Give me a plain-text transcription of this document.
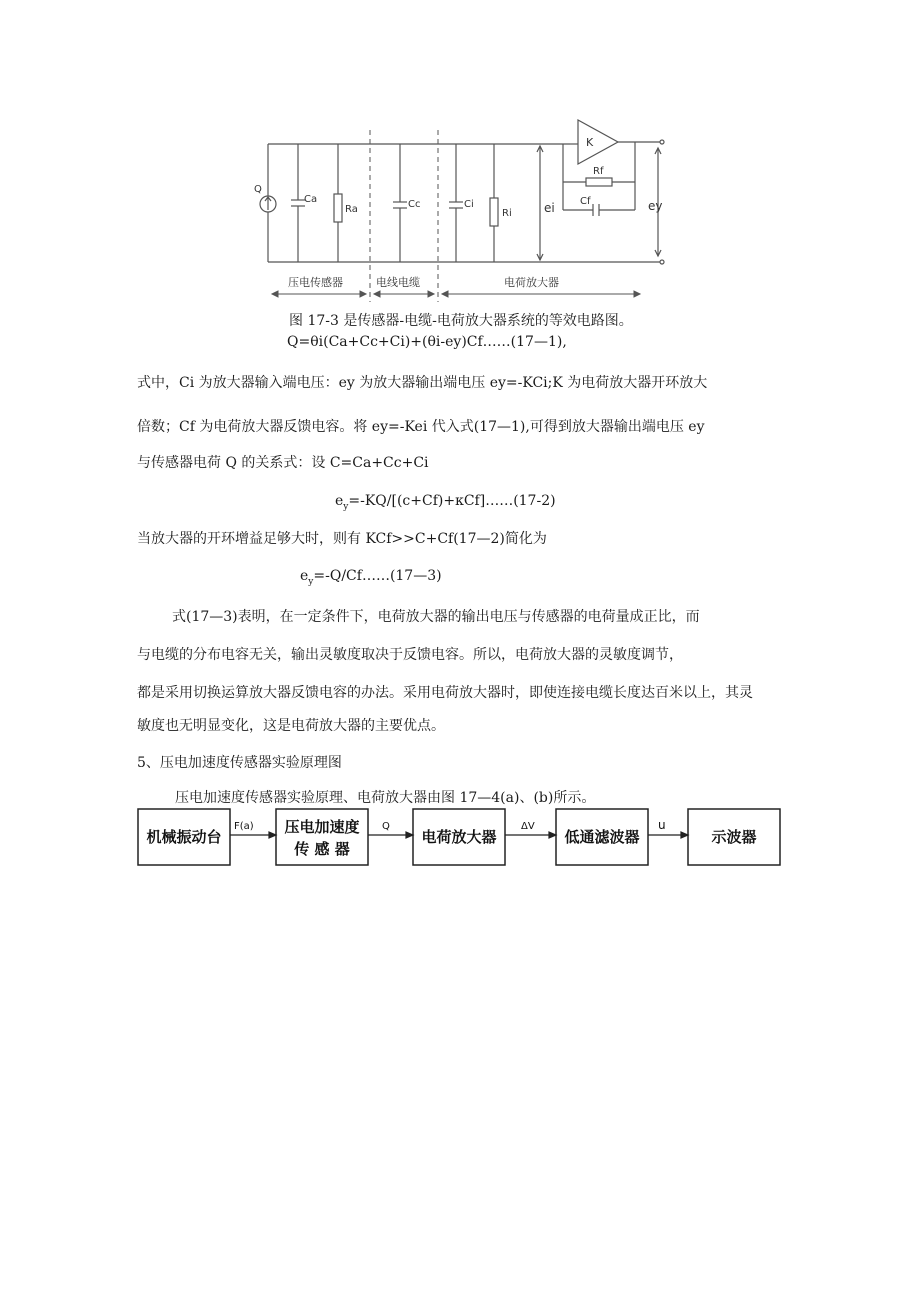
Q
Ca
Ra	Cc	Ci
Ri	ei
K
Rf
Cf	ey
压电传感器	电线电缆	电荷放大器

图 17-3 是传感器-电缆-电荷放大器系统的等效电路图。

Q=θi(Ca+Cc+Ci)+(θi-ey)Cf……(17—1),

式中，Ci 为放大器输入端电压：ey 为放大器输出端电压 ey=-KCi;K 为电荷放大器开环放大

倍数；Cf 为电荷放大器反馈电容。将 ey=-Kei 代入式(17—1),可得到放大器输出端电压 ey

与传感器电荷 Q 的关系式：设 C=Ca+Cc+Ci

$e_y=-KQ/[(c+Cf)+\kappa Cf]\dots\dots(17-2)$

当放大器的开环增益足够大时，则有 KCf>>C+Cf(17—2)简化为

$e_y=-Q/Cf\dots\dots(17—3)$

式(17—3)表明，在一定条件下，电荷放大器的输出电压与传感器的电荷量成正比，而

与电缆的分布电容无关，输出灵敏度取决于反馈电容。所以，电荷放大器的灵敏度调节，

都是采用切换运算放大器反馈电容的办法。采用电荷放大器时，即使连接电缆长度达百米以上，其灵

敏度也无明显变化，这是电荷放大器的主要优点。

5、压电加速度传感器实验原理图

压电加速度传感器实验原理、电荷放大器由图 17—4(a)、(b)所示。

机械振动台
压电加速度
传 感 器
电荷放大器	低通滤波器	示波器
F(a)	Q	ΔV	u
